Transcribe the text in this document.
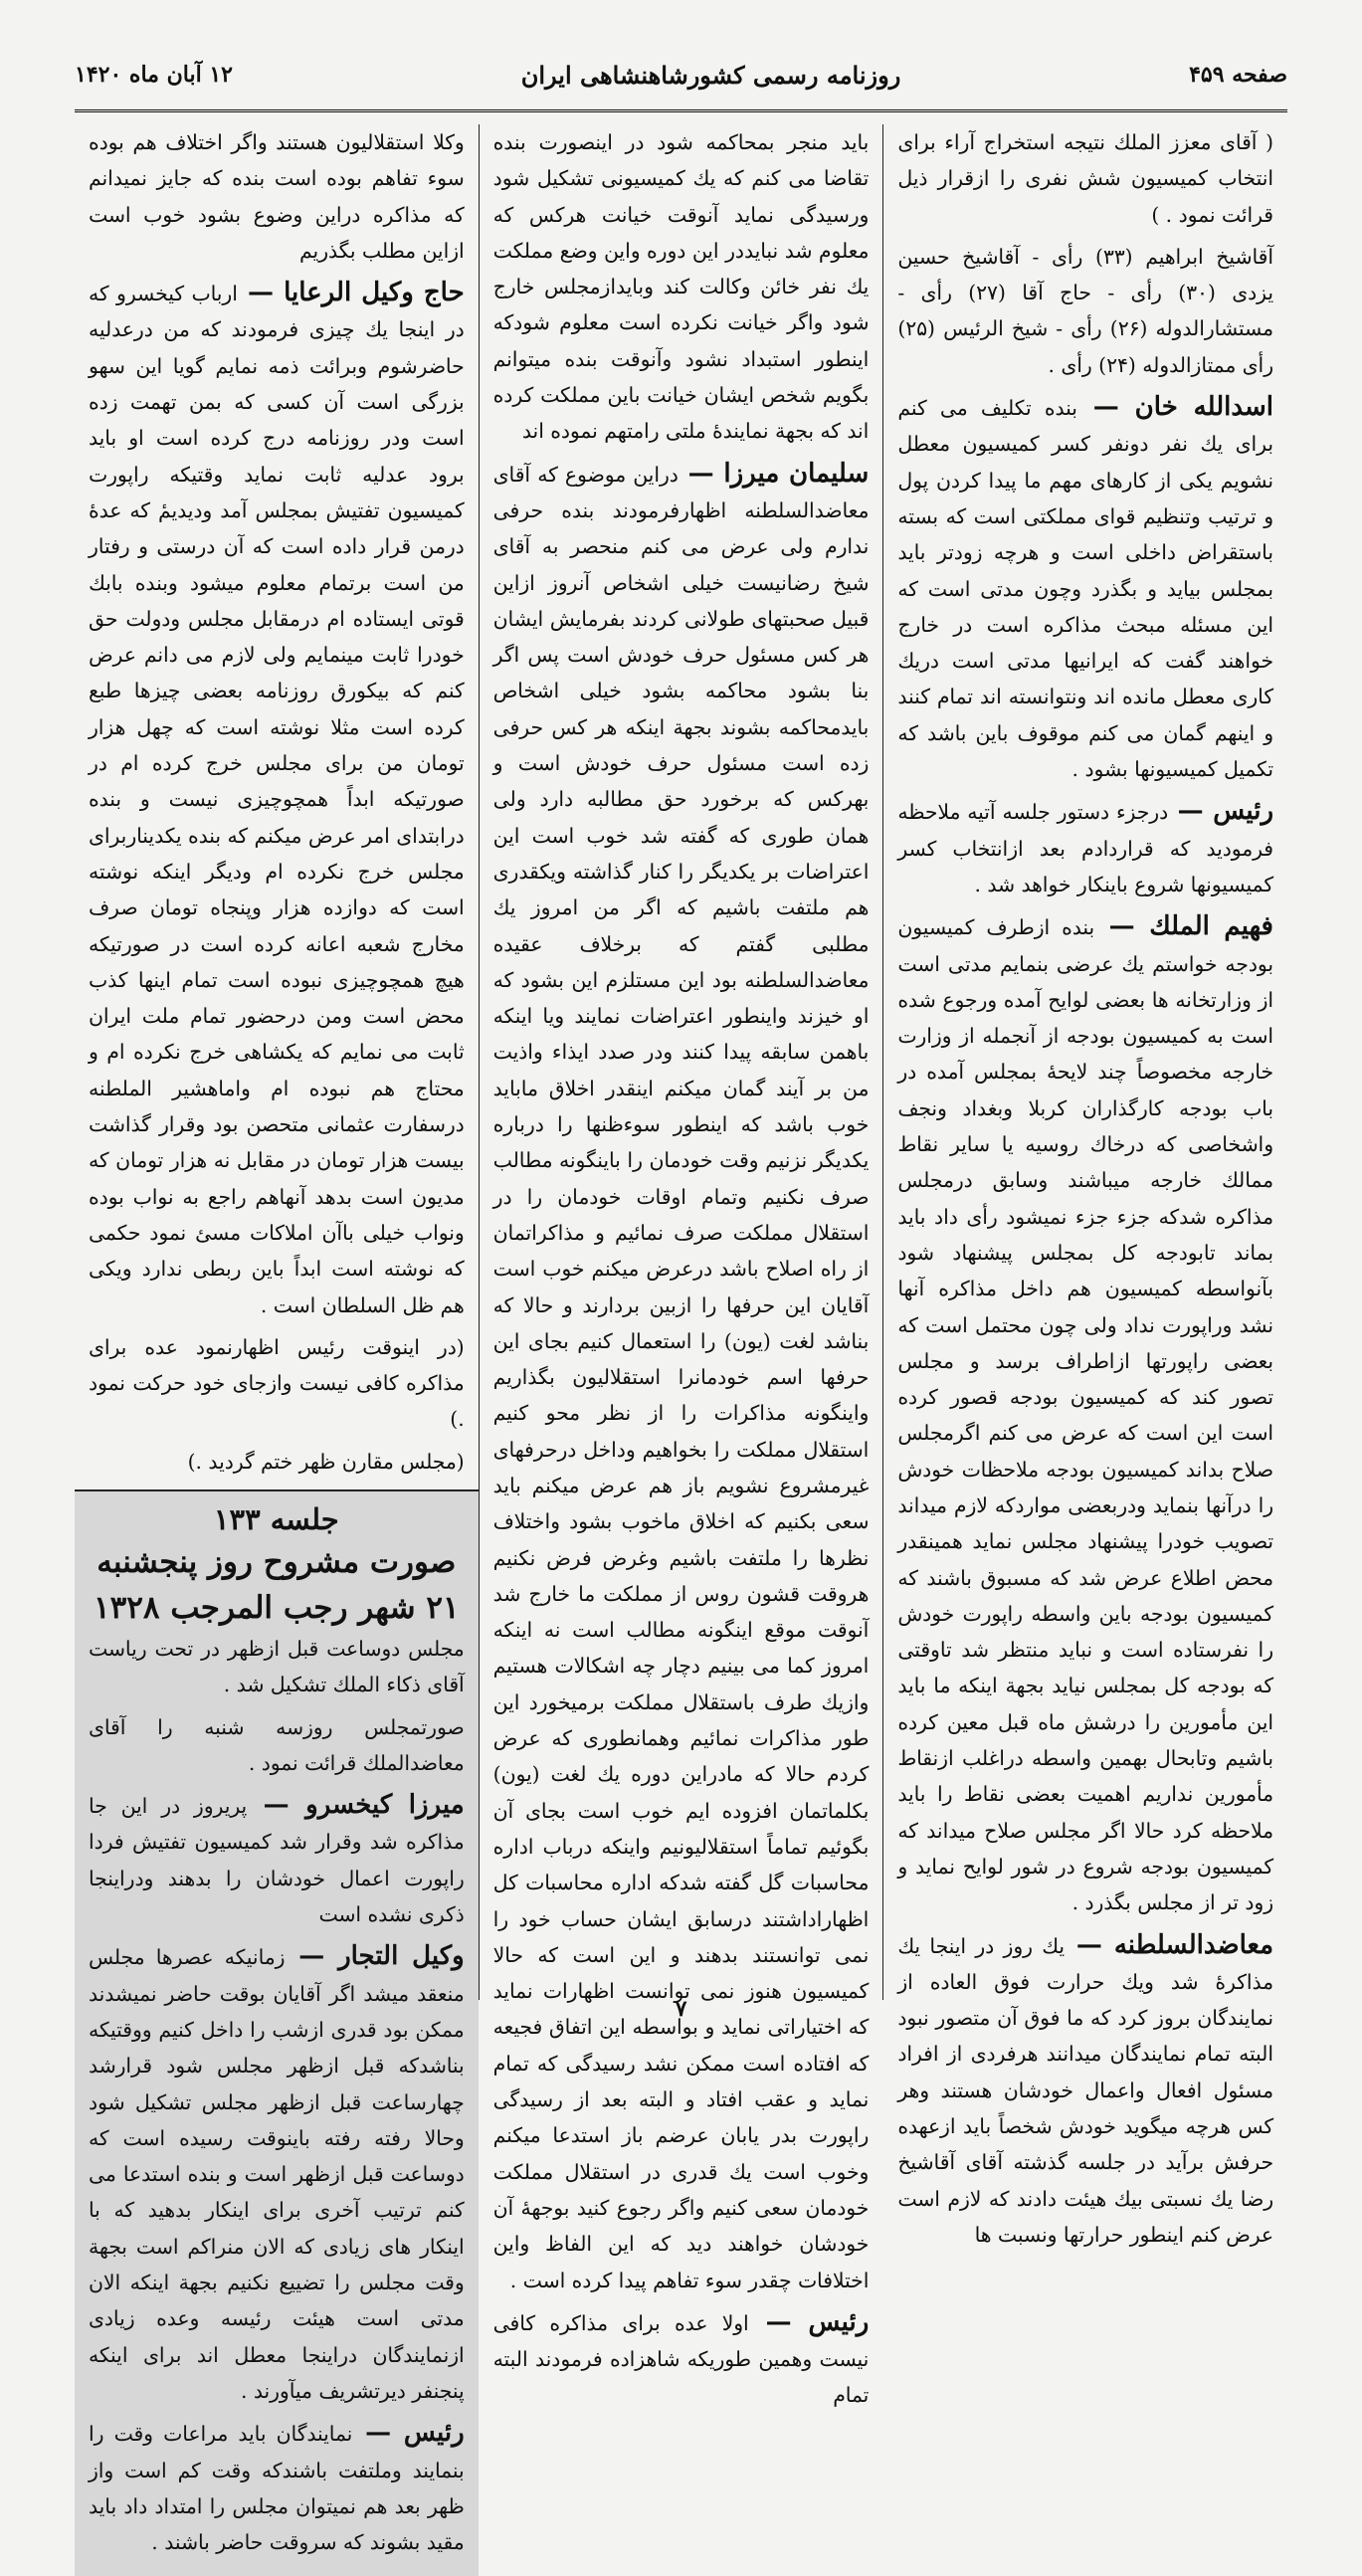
صفحه ۴۵۹
روزنامه رسمی کشورشاهنشاهی ایران
۱۲ آبان ماه ۱۴۲۰

( آقای معزز الملك نتیجه استخراج آراء برای انتخاب کمیسیون شش نفری را ازقرار ذیل قرائت نمود . )

آقاشیخ ابراهیم (۳۳) رأی - آقاشیخ حسین یزدی (۳۰) رأی - حاج آقا (۲۷) رأی - مستشارالدوله (۲۶) رأی - شیخ الرئیس (۲۵) رأی ممتازالدوله (۲۴) رأی .

اسدالله خان — بنده تکلیف می کنم برای یك نفر دونفر کسر کمیسیون معطل نشویم یکی از کارهای مهم ما پیدا کردن پول و ترتیب وتنظیم قوای مملکتی است که بسته باستقراض داخلی است و هرچه زودتر باید بمجلس بیاید و بگذرد وچون مدتی است که این مسئله مبحث مذاکره است در خارج خواهند گفت که ایرانیها مدتی است دریك کاری معطل مانده اند ونتوانسته اند تمام کنند و اینهم گمان می کنم موقوف باین باشد که تکمیل کمیسیونها بشود .

رئیس — درجزء دستور جلسه آتیه ملاحظه فرمودید که قراردادم بعد ازانتخاب کسر کمیسیونها شروع باینکار خواهد شد .

فهیم الملك — بنده ازطرف کمیسیون بودجه خواستم یك عرضی بنمایم مدتی است از وزارتخانه ها بعضی لوایح آمده ورجوع شده است به کمیسیون بودجه از آنجمله از وزارت خارجه مخصوصاً چند لایحهٔ بمجلس آمده در باب بودجه کارگذاران کربلا وبغداد ونجف واشخاصی که درخاك روسیه یا سایر نقاط ممالك خارجه میباشند وسابق درمجلس مذاکره شدکه جزء جزء نمیشود رأی داد باید بماند تابودجه کل بمجلس پیشنهاد شود بآنواسطه کمیسیون هم داخل مذاکره آنها نشد وراپورت نداد ولی چون محتمل است که بعضی راپورتها ازاطراف برسد و مجلس تصور کند که کمیسیون بودجه قصور کرده است این است که عرض می کنم اگرمجلس صلاح بداند کمیسیون بودجه ملاحظات خودش را درآنها بنماید ودربعضی مواردکه لازم میداند تصویب خودرا پیشنهاد مجلس نماید همینقدر محض اطلاع عرض شد که مسبوق باشند که کمیسیون بودجه باین واسطه راپورت خودش را نفرستاده است و نباید منتظر شد تاوقتی که بودجه کل بمجلس نیاید بجهة اینکه ما باید این مأمورین را درشش ماه قبل معین کرده باشیم وتابحال بهمین واسطه دراغلب ازنقاط مأمورین نداریم اهمیت بعضی نقاط را باید ملاحظه کرد حالا اگر مجلس صلاح میداند که کمیسیون بودجه شروع در شور لوایح نماید و زود تر از مجلس بگذرد .

معاضدالسلطنه — یك روز در اینجا یك مذاکرهٔ شد ویك حرارت فوق العاده از نمایندگان بروز کرد که ما فوق آن متصور نبود البته تمام نمایندگان میدانند هرفردی از افراد مسئول افعال واعمال خودشان هستند وهر کس هرچه میگوید خودش شخصاً باید ازعهده حرفش برآید در جلسه گذشته آقای آقاشیخ رضا یك نسبتی بیك هیئت دادند که لازم است عرض کنم اینطور حرارتها ونسبت ها

باید منجر بمحاکمه شود در اینصورت بنده تقاضا می کنم که یك کمیسیونی تشکیل شود ورسیدگی نماید آنوقت خیانت هرکس که معلوم شد نبایددر این دوره واین وضع مملکت یك نفر خائن وکالت کند وبایدازمجلس خارج شود واگر خیانت نکرده است معلوم شودکه اینطور استبداد نشود وآنوقت بنده میتوانم بگویم شخص ایشان خیانت باین مملکت کرده اند که بجهة نمایندهٔ ملتی رامتهم نموده اند

سلیمان میرزا — دراین موضوع که آقای معاضدالسلطنه اظهارفرمودند بنده حرفی ندارم ولی عرض می کنم منحصر به آقای شیخ رضانیست خیلی اشخاص آنروز ازاین قبیل صحبتهای طولانی کردند بفرمایش ایشان هر کس مسئول حرف خودش است پس اگر بنا بشود محاکمه بشود خیلی اشخاص بایدمحاکمه بشوند بجهة اینکه هر کس حرفی زده است مسئول حرف خودش است و بهرکس که برخورد حق مطالبه دارد ولی همان طوری که گفته شد خوب است این اعتراضات بر یکدیگر را کنار گذاشته ویکقدری هم ملتفت باشیم که اگر من امروز یك مطلبی گفتم که برخلاف عقیده معاضدالسلطنه بود این مستلزم این بشود که او خیزند واینطور اعتراضات نمایند ویا اینکه باهمن سابقه پیدا کنند ودر صدد ایذاء واذیت من بر آیند گمان میکنم اینقدر اخلاق ماباید خوب باشد که اینطور سوءظنها را درباره یکدیگر نزنیم وقت خودمان را باینگونه مطالب صرف نکنیم وتمام اوقات خودمان را در استقلال مملکت صرف نمائیم و مذاکراتمان از راه اصلاح باشد درعرض میکنم خوب است آقایان این حرفها را ازبین بردارند و حالا که بناشد لغت (یون) را استعمال کنیم بجای این حرفها اسم خودمانرا استقلالیون بگذاریم واینگونه مذاکرات را از نظر محو کنیم استقلال مملکت را بخواهیم وداخل درحرفهای غیرمشروع نشویم باز هم عرض میکنم باید سعی بکنیم که اخلاق ماخوب بشود واختلاف نظرها را ملتفت باشیم وغرض فرض نکنیم هروقت قشون روس از مملکت ما خارج شد آنوقت موقع اینگونه مطالب است نه اینکه امروز کما می بینیم دچار چه اشکالات هستیم وازیك طرف باستقلال مملکت برمیخورد این طور مذاکرات نمائیم وهمانطوری که عرض کردم حالا که مادراین دوره یك لغت (یون) بکلماتمان افزوده ایم خوب است بجای آن بگوئیم تماماً استقلالیونیم واینکه درباب اداره محاسبات گل گفته شدکه اداره محاسبات کل اظهاراداشتند درسابق ایشان حساب خود را نمی توانستند بدهند و این است که حالا کمیسیون هنوز نمی توانست اظهارات نماید که اختیاراتی نماید و بواسطه این اتفاق فجیعه که افتاده است ممکن نشد رسیدگی که تمام نماید و عقب افتاد و البته بعد از رسیدگی راپورت بدر یابان عرضم باز استدعا میکنم وخوب است یك قدری در استقلال مملکت خودمان سعی کنیم واگر رجوع کنید بوجههٔ آن خودشان خواهند دید که این الفاظ واین اختلافات چقدر سوء تفاهم پیدا کرده است .

رئیس — اولا عده برای مذاکره کافی نیست وهمین طوریکه شاهزاده فرمودند البته تمام

وکلا استقلالیون هستند واگر اختلاف هم بوده سوء تفاهم بوده است بنده که جایز نمیدانم که مذاکره دراین وضوع بشود خوب است ازاین مطلب بگذریم

حاج وکیل الرعایا — ارباب کیخسرو که در اینجا یك چیزی فرمودند که من درعدلیه حاضرشوم وبرائت ذمه نمایم گویا این سهو بزرگی است آن کسی که بمن تهمت زده است ودر روزنامه درج کرده است او باید برود عدلیه ثابت نماید وقتیکه راپورت کمیسیون تفتیش بمجلس آمد ودیدیمٔ که عدهٔ درمن قرار داده است که آن درستی و رفتار من است برتمام معلوم میشود وبنده بابك قوتی ایستاده ام درمقابل مجلس ودولت حق خودرا ثابت مینمایم ولی لازم می دانم عرض کنم که بیکورق روزنامه بعضی چیزها طبع کرده است مثلا نوشته است که چهل هزار تومان من برای مجلس خرج کرده ام در صورتیکه ابداً همچوچیزی نیست و بنده درابتدای امر عرض میکنم که بنده یکدیناربرای مجلس خرج نکرده ام ودیگر اینکه نوشته است که دوازده هزار وپنجاه تومان صرف مخارج شعبه اعانه کرده است در صورتیکه هیچ همچوچیزی نبوده است تمام اینها کذب محض است ومن درحضور تمام ملت ایران ثابت می نمایم که یکشاهی خرج نکرده ام و محتاج هم نبوده ام واماهشیر الملطنه درسفارت عثمانی متحصن بود وقرار گذاشت بیست هزار تومان در مقابل نه هزار تومان که مدیون است بدهد آنهاهم راجع به نواب بوده ونواب خیلی باآن املاکات مسئ نمود حکمی که نوشته است ابداً باین ربطی ندارد ویکی هم ظل السلطان است .

(در اینوقت رئیس اظهارنمود عده برای مذاکره کافی نیست وازجای خود حرکت نمود .)

(مجلس مقارن ظهر ختم گردید .)

جلسه ۱۳۳
صورت مشروح روز پنجشنبه ۲۱ شهر رجب المرجب ۱۳۲۸

مجلس دوساعت قبل ازظهر در تحت ریاست آقای ذکاء الملك تشکیل شد .

صورتمجلس روزسه شنبه را آقای معاضدالملك قرائت نمود .

میرزا کیخسرو — پریروز در این جا مذاکره شد وقرار شد کمیسیون تفتیش فردا راپورت اعمال خودشان را بدهند ودراینجا ذکری نشده است

وکیل التجار — زمانیکه عصرها مجلس منعقد میشد اگر آقایان بوقت حاضر نمیشدند ممکن بود قدری ازشب را داخل کنیم ووقتیکه بناشدکه قبل ازظهر مجلس شود قرارشد چهارساعت قبل ازظهر مجلس تشکیل شود وحالا رفته رفته باینوقت رسیده است که دوساعت قبل ازظهر است و بنده استدعا می کنم ترتیب آخری برای اینکار بدهید که با اینکار های زیادی که الان منراکم است بجهة وقت مجلس را تضییع نکنیم بجهة اینکه الان مدتی است هیئت رئیسه وعده زیادی ازنمایندگان دراینجا معطل اند برای اینکه پنجنفر دیرتشریف میآورند .

رئیس — نمایندگان باید مراعات وقت را بنمایند وملتفت باشندکه وقت کم است واز ظهر بعد هم نمیتوان مجلس را امتداد داد باید مقید بشوند که سروقت حاضر باشند .

۷
